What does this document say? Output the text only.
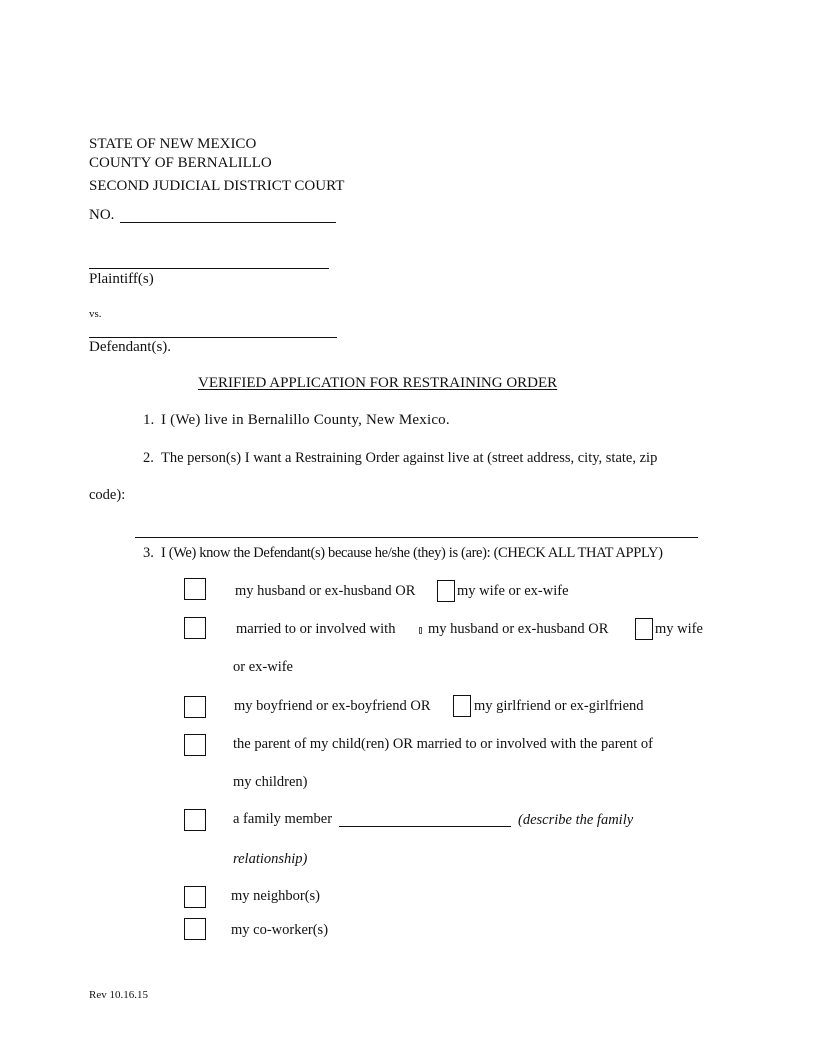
STATE OF NEW MEXICO
COUNTY OF BERNALILLO
SECOND JUDICIAL DISTRICT COURT
NO.
Plaintiff(s)
vs.
Defendant(s).
VERIFIED APPLICATION FOR RESTRAINING ORDER
1. I (We) live in Bernalillo County, New Mexico.
2. The person(s) I want a Restraining Order against live at (street address, city, state, zip
code):
3. I (We) know the Defendant(s) because he/she (they) is (are): (CHECK ALL THAT APPLY)
my husband or ex-husband OR	my wife or ex-wife
married to or involved with my husband or ex-husband OR	my wife
or ex-wife
my boyfriend or ex-boyfriend OR	my girlfriend or ex-girlfriend
the parent of my child(ren) OR married to or involved with the parent of
my children)
a family member	(describe the family
relationship)
my neighbor(s)
my co-worker(s)
Rev 10.16.15
